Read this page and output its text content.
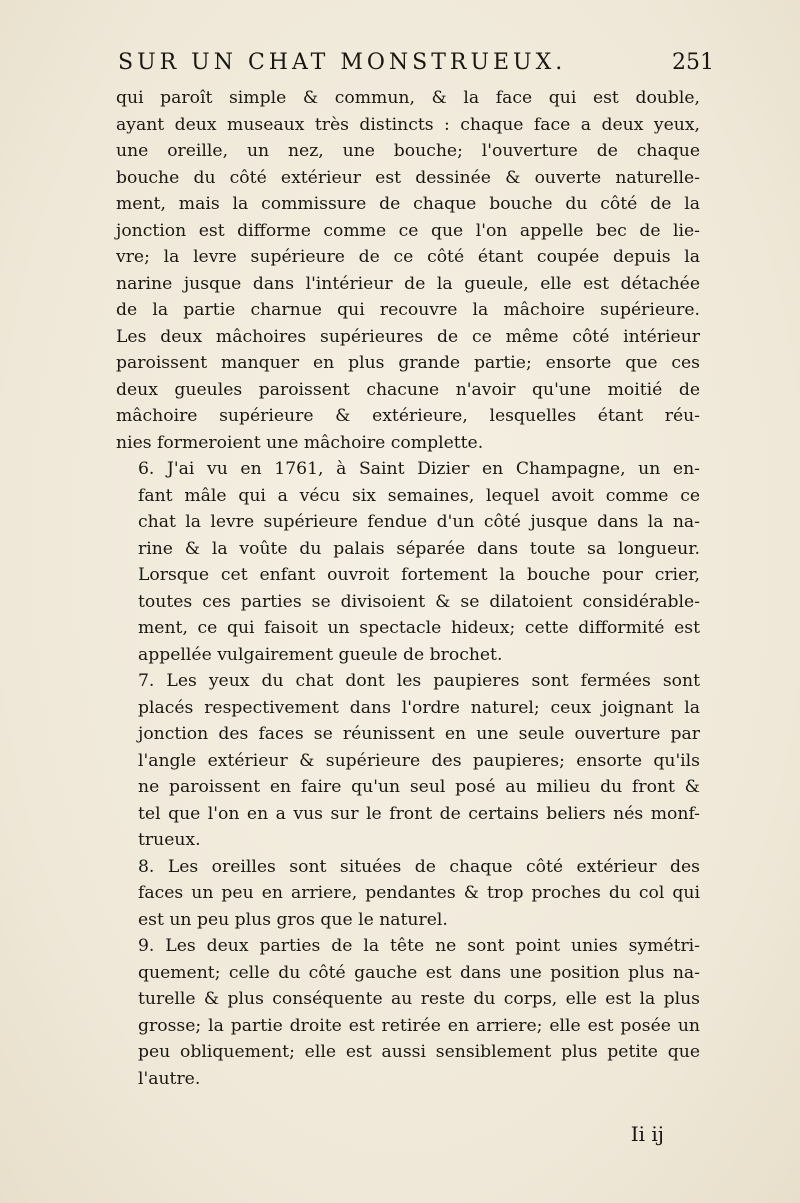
SUR UN CHAT MONSTRUEUX.	251

qui paroît simple & commun, & la face qui est double,
ayant deux museaux très distincts : chaque face a deux yeux,
une oreille, un nez, une bouche; l'ouverture de chaque
bouche du côté extérieur est dessinée & ouverte naturelle-
ment, mais la commissure de chaque bouche du côté de la
jonction est difforme comme ce que l'on appelle bec de lie-
vre; la levre supérieure de ce côté étant coupée depuis la
narine jusque dans l'intérieur de la gueule, elle est détachée
de la partie charnue qui recouvre la mâchoire supérieure.
Les deux mâchoires supérieures de ce même côté intérieur
paroissent manquer en plus grande partie; ensorte que ces
deux gueules paroissent chacune n'avoir qu'une moitié de
mâchoire supérieure & extérieure, lesquelles étant réu-
nies formeroient une mâchoire complette.

6. J'ai vu en 1761, à Saint Dizier en Champagne, un en-
fant mâle qui a vécu six semaines, lequel avoit comme ce
chat la levre supérieure fendue d'un côté jusque dans la na-
rine & la voûte du palais séparée dans toute sa longueur.
Lorsque cet enfant ouvroit fortement la bouche pour crier,
toutes ces parties se divisoient & se dilatoient considérable-
ment, ce qui faisoit un spectacle hideux; cette difformité est
appellée vulgairement gueule de brochet.

7. Les yeux du chat dont les paupieres sont fermées sont
placés respectivement dans l'ordre naturel; ceux joignant la
jonction des faces se réunissent en une seule ouverture par
l'angle extérieur & supérieure des paupieres; ensorte qu'ils
ne paroissent en faire qu'un seul posé au milieu du front &
tel que l'on en a vus sur le front de certains beliers nés monf-
trueux.

8. Les oreilles sont situées de chaque côté extérieur des
faces un peu en arriere, pendantes & trop proches du col qui
est un peu plus gros que le naturel.

9. Les deux parties de la tête ne sont point unies symétri-
quement; celle du côté gauche est dans une position plus na-
turelle & plus conséquente au reste du corps, elle est la plus
grosse; la partie droite est retirée en arriere; elle est posée un
peu obliquement; elle est aussi sensiblement plus petite que
l'autre.

Ii ij
